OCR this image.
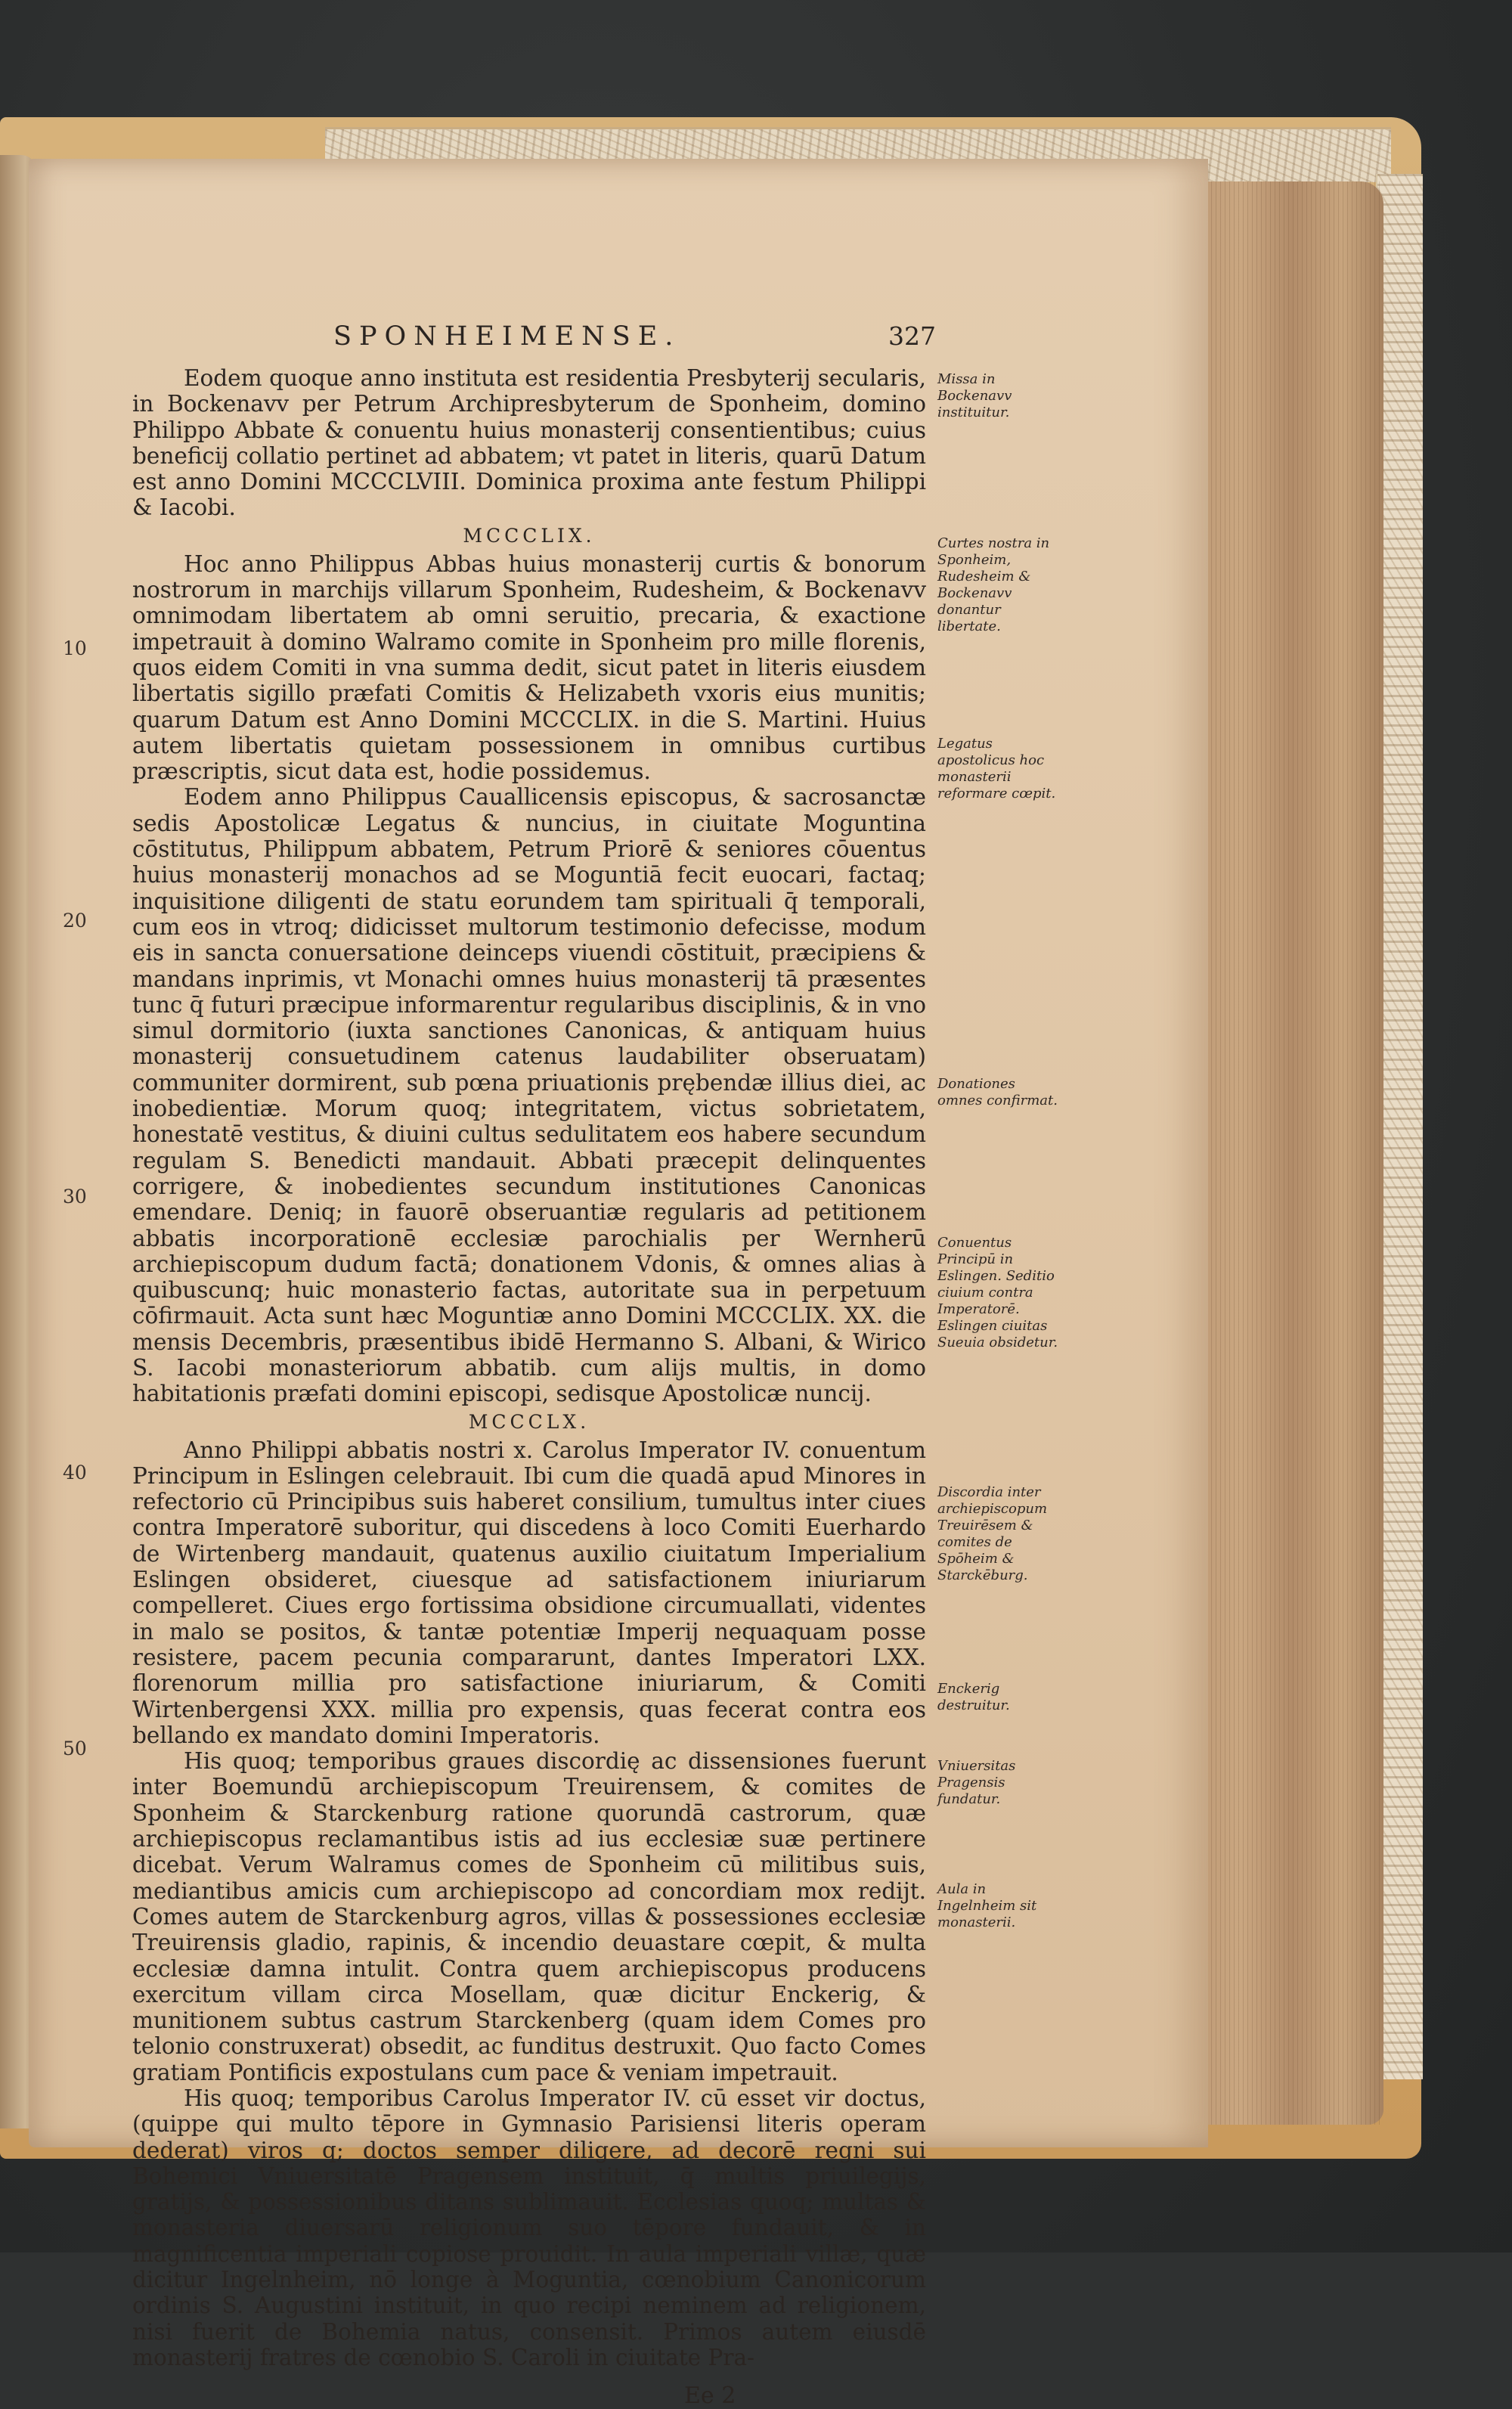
SPONHEIMENSE.	327

Eodem quoque anno instituta est residentia Presbyterij secularis, in Bockenavv per Petrum Archipresbyterum de Sponheim, domino Philippo Abbate & conuentu huius monasterij consentientibus; cuius beneficij collatio pertinet ad abbatem; vt patet in literis, quarū Datum est anno Domini MCCCLVIII. Dominica proxima ante festum Philippi & Iacobi.

MCCCLIX.

Hoc anno Philippus Abbas huius monasterij curtis & bonorum nostrorum in marchijs villarum Sponheim, Rudesheim, & Bockenavv omnimodam libertatem ab omni seruitio, precaria, & exactione impetrauit à domino Walramo comite in Sponheim pro mille florenis, quos eidem Comiti in vna summa dedit, sicut patet in literis eiusdem libertatis sigillo præfati Comitis & Helizabeth vxoris eius munitis; quarum Datum est Anno Domini MCCCLIX. in die S. Martini. Huius autem libertatis quietam possessionem in omnibus curtibus præscriptis, sicut data est, hodie possidemus.

Eodem anno Philippus Cauallicensis episcopus, & sacrosanctæ sedis Apostolicæ Legatus & nuncius, in ciuitate Moguntina cōstitutus, Philippum abbatem, Petrum Priorē & seniores cōuentus huius monasterij monachos ad se Moguntiā fecit euocari, factaq; inquisitione diligenti de statu eorundem tam spirituali q̄ temporali, cum eos in vtroq; didicisset multorum testimonio defecisse, modum eis in sancta conuersatione deinceps viuendi cōstituit, præcipiens & mandans inprimis, vt Monachi omnes huius monasterij tā præsentes tunc q̄ futuri præcipue informarentur regularibus disciplinis, & in vno simul dormitorio (iuxta sanctiones Canonicas, & antiquam huius monasterij consuetudinem catenus laudabiliter obseruatam) communiter dormirent, sub pœna priuationis prębendæ illius diei, ac inobedientiæ. Morum quoq; integritatem, victus sobrietatem, honestatē vestitus, & diuini cultus sedulitatem eos habere secundum regulam S. Benedicti mandauit. Abbati præcepit delinquentes corrigere, & inobedientes secundum institutiones Canonicas emendare. Deniq; in fauorē obseruantiæ regularis ad petitionem abbatis incorporationē ecclesiæ parochialis per Wernherū archiepiscopum dudum factā; donationem Vdonis, & omnes alias à quibuscunq; huic monasterio factas, autoritate sua in perpetuum cōfirmauit. Acta sunt hæc Moguntiæ anno Domini MCCCLIX. XX. die mensis Decembris, præsentibus ibidē Hermanno S. Albani, & Wirico S. Iacobi monasteriorum abbatib. cum alijs multis, in domo habitationis præfati domini episcopi, sedisque Apostolicæ nuncij.

MCCCLX.

Anno Philippi abbatis nostri x. Carolus Imperator IV. conuentum Principum in Eslingen celebrauit. Ibi cum die quadā apud Minores in refectorio cū Principibus suis haberet consilium, tumultus inter ciues contra Imperatorē suboritur, qui discedens à loco Comiti Euerhardo de Wirtenberg mandauit, quatenus auxilio ciuitatum Imperialium Eslingen obsideret, ciuesque ad satisfactionem iniuriarum compelleret. Ciues ergo fortissima obsidione circumuallati, videntes in malo se positos, & tantæ potentiæ Imperij nequaquam posse resistere, pacem pecunia compararunt, dantes Imperatori LXX. florenorum millia pro satisfactione iniuriarum, & Comiti Wirtenbergensi XXX. millia pro expensis, quas fecerat contra eos bellando ex mandato domini Imperatoris.

His quoq; temporibus graues discordię ac dissensiones fuerunt inter Boemundū archiepiscopum Treuirensem, & comites de Sponheim & Starckenburg ratione quorundā castrorum, quæ archiepiscopus reclamantibus istis ad ius ecclesiæ suæ pertinere dicebat. Verum Walramus comes de Sponheim cū militibus suis, mediantibus amicis cum archiepiscopo ad concordiam mox redijt. Comes autem de Starckenburg agros, villas & possessiones ecclesiæ Treuirensis gladio, rapinis, & incendio deuastare cœpit, & multa ecclesiæ damna intulit. Contra quem archiepiscopus producens exercitum villam circa Mosellam, quæ dicitur Enckerig, & munitionem subtus castrum Starckenberg (quam idem Comes pro telonio construxerat) obsedit, ac funditus destruxit. Quo facto Comes gratiam Pontificis expostulans cum pace & veniam impetrauit.

His quoq; temporibus Carolus Imperator IV. cū esset vir doctus, (quippe qui multo tēpore in Gymnasio Parisiensi literis operam dederat) viros q; doctos semper diligere, ad decorē regni sui Bohemici Vniuersitatē Pragensem instituit, q̄ multis priuilegijs, gratijs, & possessionibus ditans sublimauit. Ecclesias quoq; multas & monasteria diuersarū religionum suo tēpore fundauit, & in magnificentia imperiali copiose prouidit. In aula imperiali villæ, quæ dicitur Ingelnheim, nō longe à Moguntia, cœnobium Canonicorum ordinis S. Augustini instituit, in quo recipi neminem ad religionem, nisi fuerit de Bohemia natus, consensit. Primos autem eiusdē monasterij fratres de cœnobio S. Caroli in ciuitate Pra-

Missa in Bockenavv instituitur.
Curtes nostra in Sponheim, Rudesheim & Bockenavv donantur libertate.
Legatus apostolicus hoc monasterii reformare cœpit.
Donationes omnes confirmat.
Conuentus Principū in Eslingen. Seditio ciuium contra Imperatorē. Eslingen ciuitas Sueuia obsidetur.
Discordia inter archiepiscopum Treuirēsem & comites de Spōheim & Starckēburg.
Enckerig destruitur.
Vniuersitas Pragensis fundatur.
Aula in Ingelnheim sit monasterii.
10
20
30
40
50
Ee 2
